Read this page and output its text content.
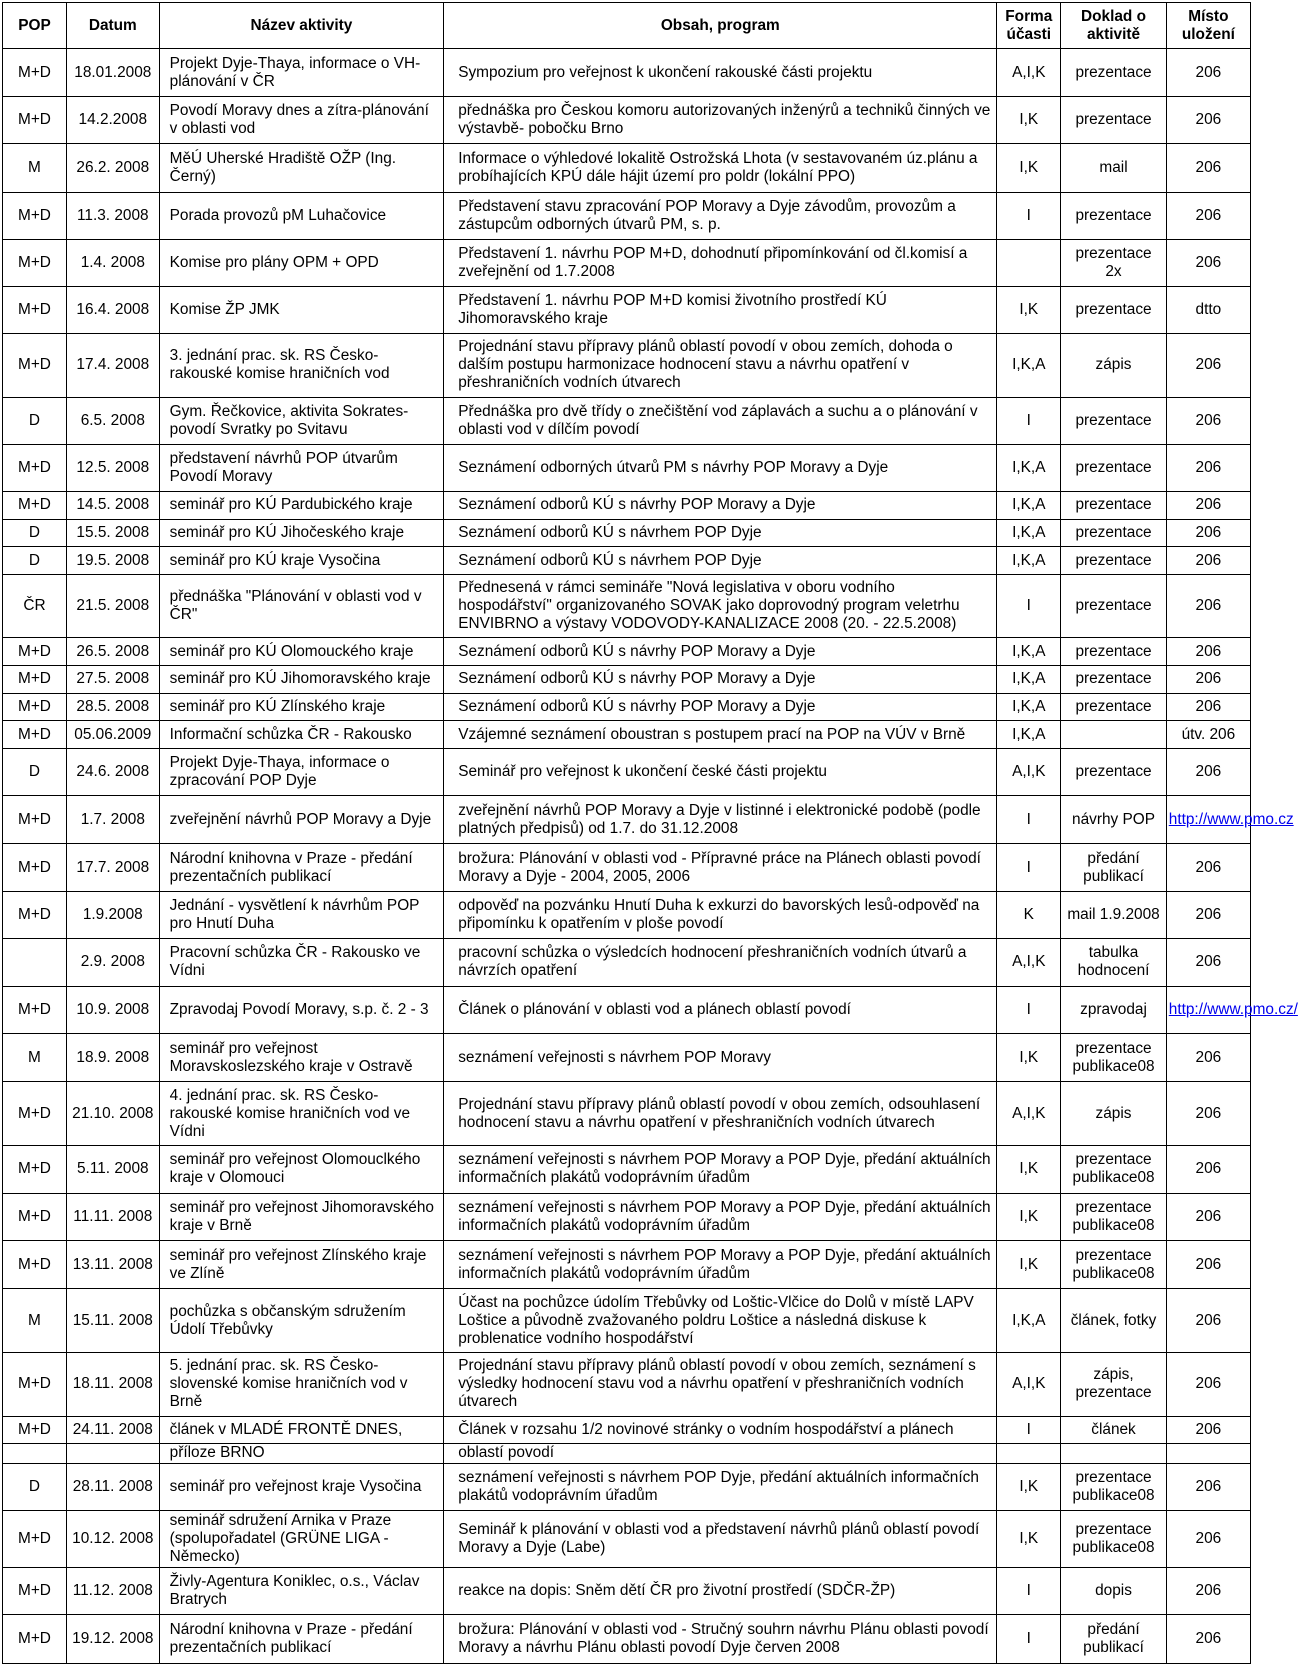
POP	Datum	Název aktivity	Obsah, program	Forma účasti	Doklad o aktivitě	Místo uložení
M+D	18.01.2008	Projekt Dyje-Thaya, informace o VH-plánování v ČR	Sympozium pro veřejnost k ukončení rakouské části projektu	A,I,K	prezentace	206
M+D	14.2.2008	Povodí Moravy dnes a zítra-plánování v oblasti vod	přednáška pro Českou komoru autorizovaných inženýrů a techniků činných ve výstavbě- pobočku Brno	I,K	prezentace	206
M	26.2. 2008	MěÚ Uherské Hradiště OŽP (Ing. Černý)	Informace o výhledové lokalitě Ostrožská Lhota (v sestavovaném úz.plánu a probíhajících KPÚ dále hájit území pro poldr (lokální PPO)	I,K	mail	206
M+D	11.3. 2008	Porada provozů pM Luhačovice	Představení stavu zpracování POP Moravy a Dyje závodům, provozům a zástupcům odborných útvarů PM, s. p.	I	prezentace	206
M+D	1.4. 2008	Komise pro plány OPM + OPD	Představení 1. návrhu POP M+D, dohodnutí připomínkování od čl.komisí a zveřejnění od 1.7.2008		prezentace 2x	206
M+D	16.4. 2008	Komise ŽP JMK	Představení 1. návrhu POP M+D komisi životního prostředí KÚ Jihomoravského kraje	I,K	prezentace	dtto
M+D	17.4. 2008	3. jednání prac. sk. RS Česko-rakouské komise hraničních vod	Projednání stavu přípravy plánů oblastí povodí v obou zemích, dohoda o dalším postupu harmonizace hodnocení stavu a návrhu opatření v přeshraničních vodních útvarech	I,K,A	zápis	206
D	6.5. 2008	Gym. Řečkovice, aktivita Sokrates-povodí Svratky po Svitavu	Přednáška pro dvě třídy o znečištění vod záplavách a suchu a o plánování v oblasti vod v dílčím povodí	I	prezentace	206
M+D	12.5. 2008	představení návrhů POP útvarům Povodí Moravy	Seznámení odborných útvarů PM s návrhy POP Moravy a Dyje	I,K,A	prezentace	206
M+D	14.5. 2008	seminář pro KÚ Pardubického kraje	Seznámení odborů KÚ s návrhy POP Moravy a Dyje	I,K,A	prezentace	206
D	15.5. 2008	seminář pro KÚ Jihočeského kraje	Seznámení odborů KÚ s návrhem POP Dyje	I,K,A	prezentace	206
D	19.5. 2008	seminář pro KÚ kraje Vysočina	Seznámení odborů KÚ s návrhem POP Dyje	I,K,A	prezentace	206
ČR	21.5. 2008	přednáška "Plánování v oblasti vod v ČR"	Přednesená v rámci semináře "Nová legislativa v oboru vodního hospodářství" organizovaného SOVAK jako doprovodný program veletrhu ENVIBRNO a výstavy VODOVODY-KANALIZACE 2008 (20. - 22.5.2008)	I	prezentace	206
M+D	26.5. 2008	seminář pro KÚ Olomouckého kraje	Seznámení odborů KÚ s návrhy POP Moravy a Dyje	I,K,A	prezentace	206
M+D	27.5. 2008	seminář pro KÚ Jihomoravského kraje	Seznámení odborů KÚ s návrhy POP Moravy a Dyje	I,K,A	prezentace	206
M+D	28.5. 2008	seminář pro KÚ Zlínského kraje	Seznámení odborů KÚ s návrhy POP Moravy a Dyje	I,K,A	prezentace	206
M+D	05.06.2009	Informační schůzka ČR - Rakousko	Vzájemné seznámení oboustran s postupem prací na POP na VÚV v Brně	I,K,A		útv. 206
D	24.6. 2008	Projekt Dyje-Thaya, informace o zpracování POP Dyje	Seminář pro veřejnost k ukončení české části projektu	A,I,K	prezentace	206
M+D	1.7. 2008	zveřejnění návrhů POP Moravy a Dyje	zveřejnění návrhů POP Moravy a Dyje v listinné i elektronické podobě (podle platných předpisů) od 1.7. do 31.12.2008	I	návrhy POP	http://www.pmo.cz
M+D	17.7. 2008	Národní knihovna v Praze - předání prezentačních publikací	brožura: Plánování v oblasti vod - Přípravné práce na Plánech oblasti povodí Moravy a Dyje - 2004, 2005, 2006	I	předání publikací	206
M+D	1.9.2008	Jednání - vysvětlení k návrhům POP pro Hnutí Duha	odpověď na pozvánku Hnutí Duha k exkurzi do bavorských lesů-odpověď na připomínku k opatřením v ploše povodí	K	mail 1.9.2008	206
	2.9. 2008	Pracovní schůzka ČR - Rakousko ve Vídni	pracovní schůzka o výsledcích hodnocení přeshraničních vodních útvarů a návrzích opatření	A,I,K	tabulka hodnocení	206
M+D	10.9. 2008	Zpravodaj Povodí Moravy, s.p. č. 2 - 3	Článek o plánování v oblasti vod a plánech oblastí povodí	I	zpravodaj	http://www.pmo.cz/
M	18.9. 2008	seminář pro veřejnost Moravskoslezského kraje v Ostravě	seznámení veřejnosti s návrhem POP Moravy	I,K	prezentace publikace08	206
M+D	21.10. 2008	4. jednání prac. sk. RS Česko-rakouské komise hraničních vod ve Vídni	Projednání stavu přípravy plánů oblastí povodí v obou zemích, odsouhlasení hodnocení stavu a návrhu opatření v přeshraničních vodních útvarech	A,I,K	zápis	206
M+D	5.11. 2008	seminář pro veřejnost Olomouclkého kraje v Olomouci	seznámení veřejnosti s návrhem POP Moravy a POP Dyje, předání aktuálních informačních plakátů vodoprávním úřadům	I,K	prezentace publikace08	206
M+D	11.11. 2008	seminář pro veřejnost Jihomoravského kraje v Brně	seznámení veřejnosti s návrhem POP Moravy a POP Dyje, předání aktuálních informačních plakátů vodoprávním úřadům	I,K	prezentace publikace08	206
M+D	13.11. 2008	seminář pro veřejnost Zlínského kraje ve Zlíně	seznámení veřejnosti s návrhem POP Moravy a POP Dyje, předání aktuálních informačních plakátů vodoprávním úřadům	I,K	prezentace publikace08	206
M	15.11. 2008	pochůzka s občanským sdružením Údolí Třebůvky	Účast na pochůzce údolím Třebůvky od Loštic-Vlčice do Dolů v místě LAPV Loštice a původně zvažovaného poldru Loštice a následná diskuse k problenatice vodního hospodářství	I,K,A	článek, fotky	206
M+D	18.11. 2008	5. jednání prac. sk. RS Česko-slovenské komise hraničních vod v Brně	Projednání stavu přípravy plánů oblastí povodí v obou zemích, seznámení s výsledky hodnocení stavu vod a návrhu opatření v přeshraničních vodních útvarech	A,I,K	zápis, prezentace	206
M+D	24.11. 2008	článek v MLADÉ FRONTĚ DNES,	Článek v rozsahu 1/2 novinové stránky o vodním hospodářství a plánech	I	článek	206
		příloze BRNO	oblastí povodí			
D	28.11. 2008	seminář pro veřejnost kraje Vysočina	seznámení veřejnosti s návrhem POP Dyje, předání aktuálních informačních plakátů vodoprávním úřadům	I,K	prezentace publikace08	206
M+D	10.12. 2008	seminář sdružení Arnika v Praze (spolupořadatel (GRÜNE LIGA - Německo)	Seminář k plánování v oblasti vod a představení návrhů plánů oblastí povodí Moravy a Dyje (Labe)	I,K	prezentace publikace08	206
M+D	11.12. 2008	Živly-Agentura Koniklec, o.s., Václav Bratrych	reakce na dopis: Sněm dětí ČR pro životní prostředí (SDČR-ŽP)	I	dopis	206
M+D	19.12. 2008	Národní knihovna v Praze - předání prezentačních publikací	brožura: Plánování v oblasti vod - Stručný souhrn návrhu Plánu oblasti povodí Moravy a návrhu Plánu oblasti povodí Dyje červen 2008	I	předání publikací	206
